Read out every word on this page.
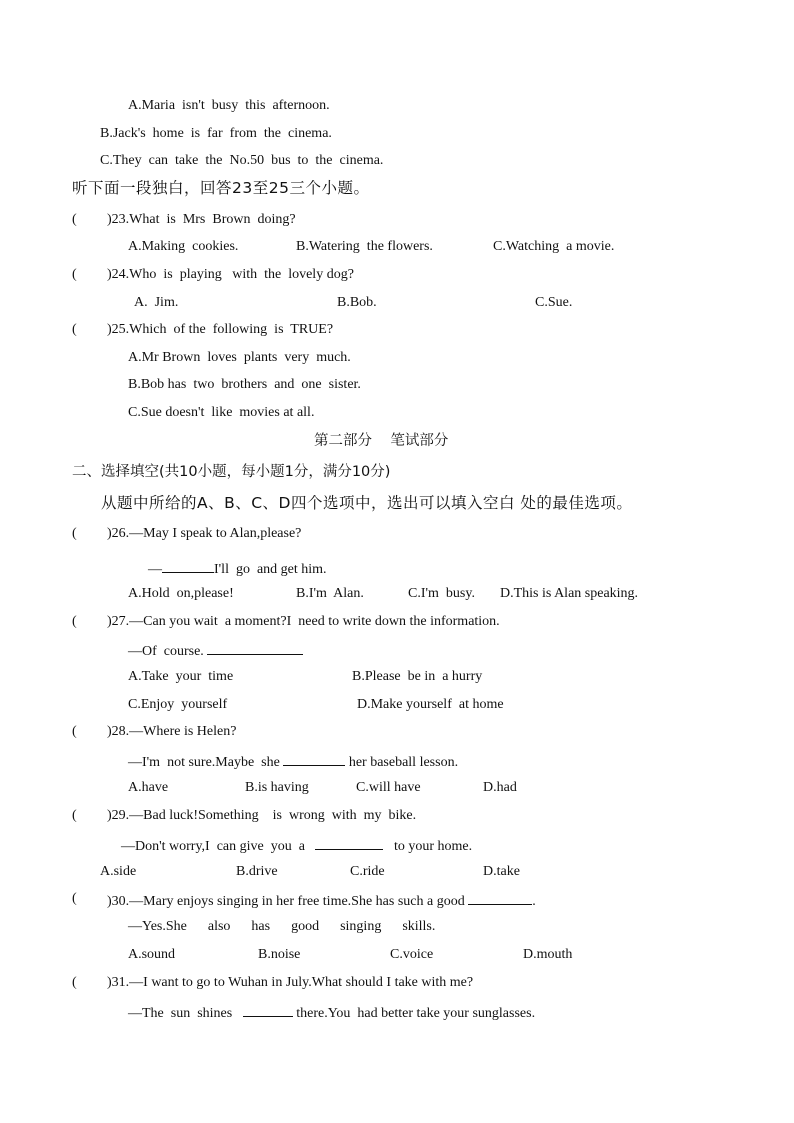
A.Maria  isn't  busy  this  afternoon.
B.Jack's  home  is  far  from  the  cinema.
C.They  can  take  the  No.50  bus  to  the  cinema.
听下面一段独白，回答23至25三个小题。
( )23.What  is  Mrs  Brown  doing?
A.Making  cookies.	B.Watering  the flowers.	C.Watching  a movie.
( )24.Who  is  playing   with  the  lovely dog?
A.  Jim.	B.Bob.	C.Sue.
( )25.Which  of the  following  is  TRUE?
A.Mr Brown  loves  plants  very  much.
B.Bob has  two  brothers  and  one  sister.
C.Sue doesn't  like  movies at all.
第二部分    笔试部分
二、选择填空(共10小题，每小题1分，满分10分)
从题中所给的A、B、C、D四个选项中，选出可以填入空白 处的最佳选项。
( )26.—May I speak to Alan,please?
—	I'll  go  and get him.
A.Hold  on,please!	B.I'm  Alan.	C.I'm  busy. D.This is Alan speaking.
( )27.—Can you wait  a moment?I  need to write down the information.
—Of  course.
A.Take  your  time	B.Please  be in  a hurry
C.Enjoy  yourself	D.Make yourself  at home
( )28.—Where is Helen?
—I'm  not sure.Maybe  she	her baseball lesson.
A.have	B.is having	C.will have	D.had
( )29.—Bad luck!Something    is  wrong  with  my  bike.
—Don't worry,I  can give  you  a	to your home.
A.side	B.drive	C.ride	D.take
( )30.—Mary enjoys singing in her free time.She has such a good	.
—Yes.She      also      has      good      singing      skills.
A.sound	B.noise	C.voice	D.mouth
( )31.—I want to go to Wuhan in July.What should I take with me?
—The  sun  shines	there.You  had better take your sunglasses.
